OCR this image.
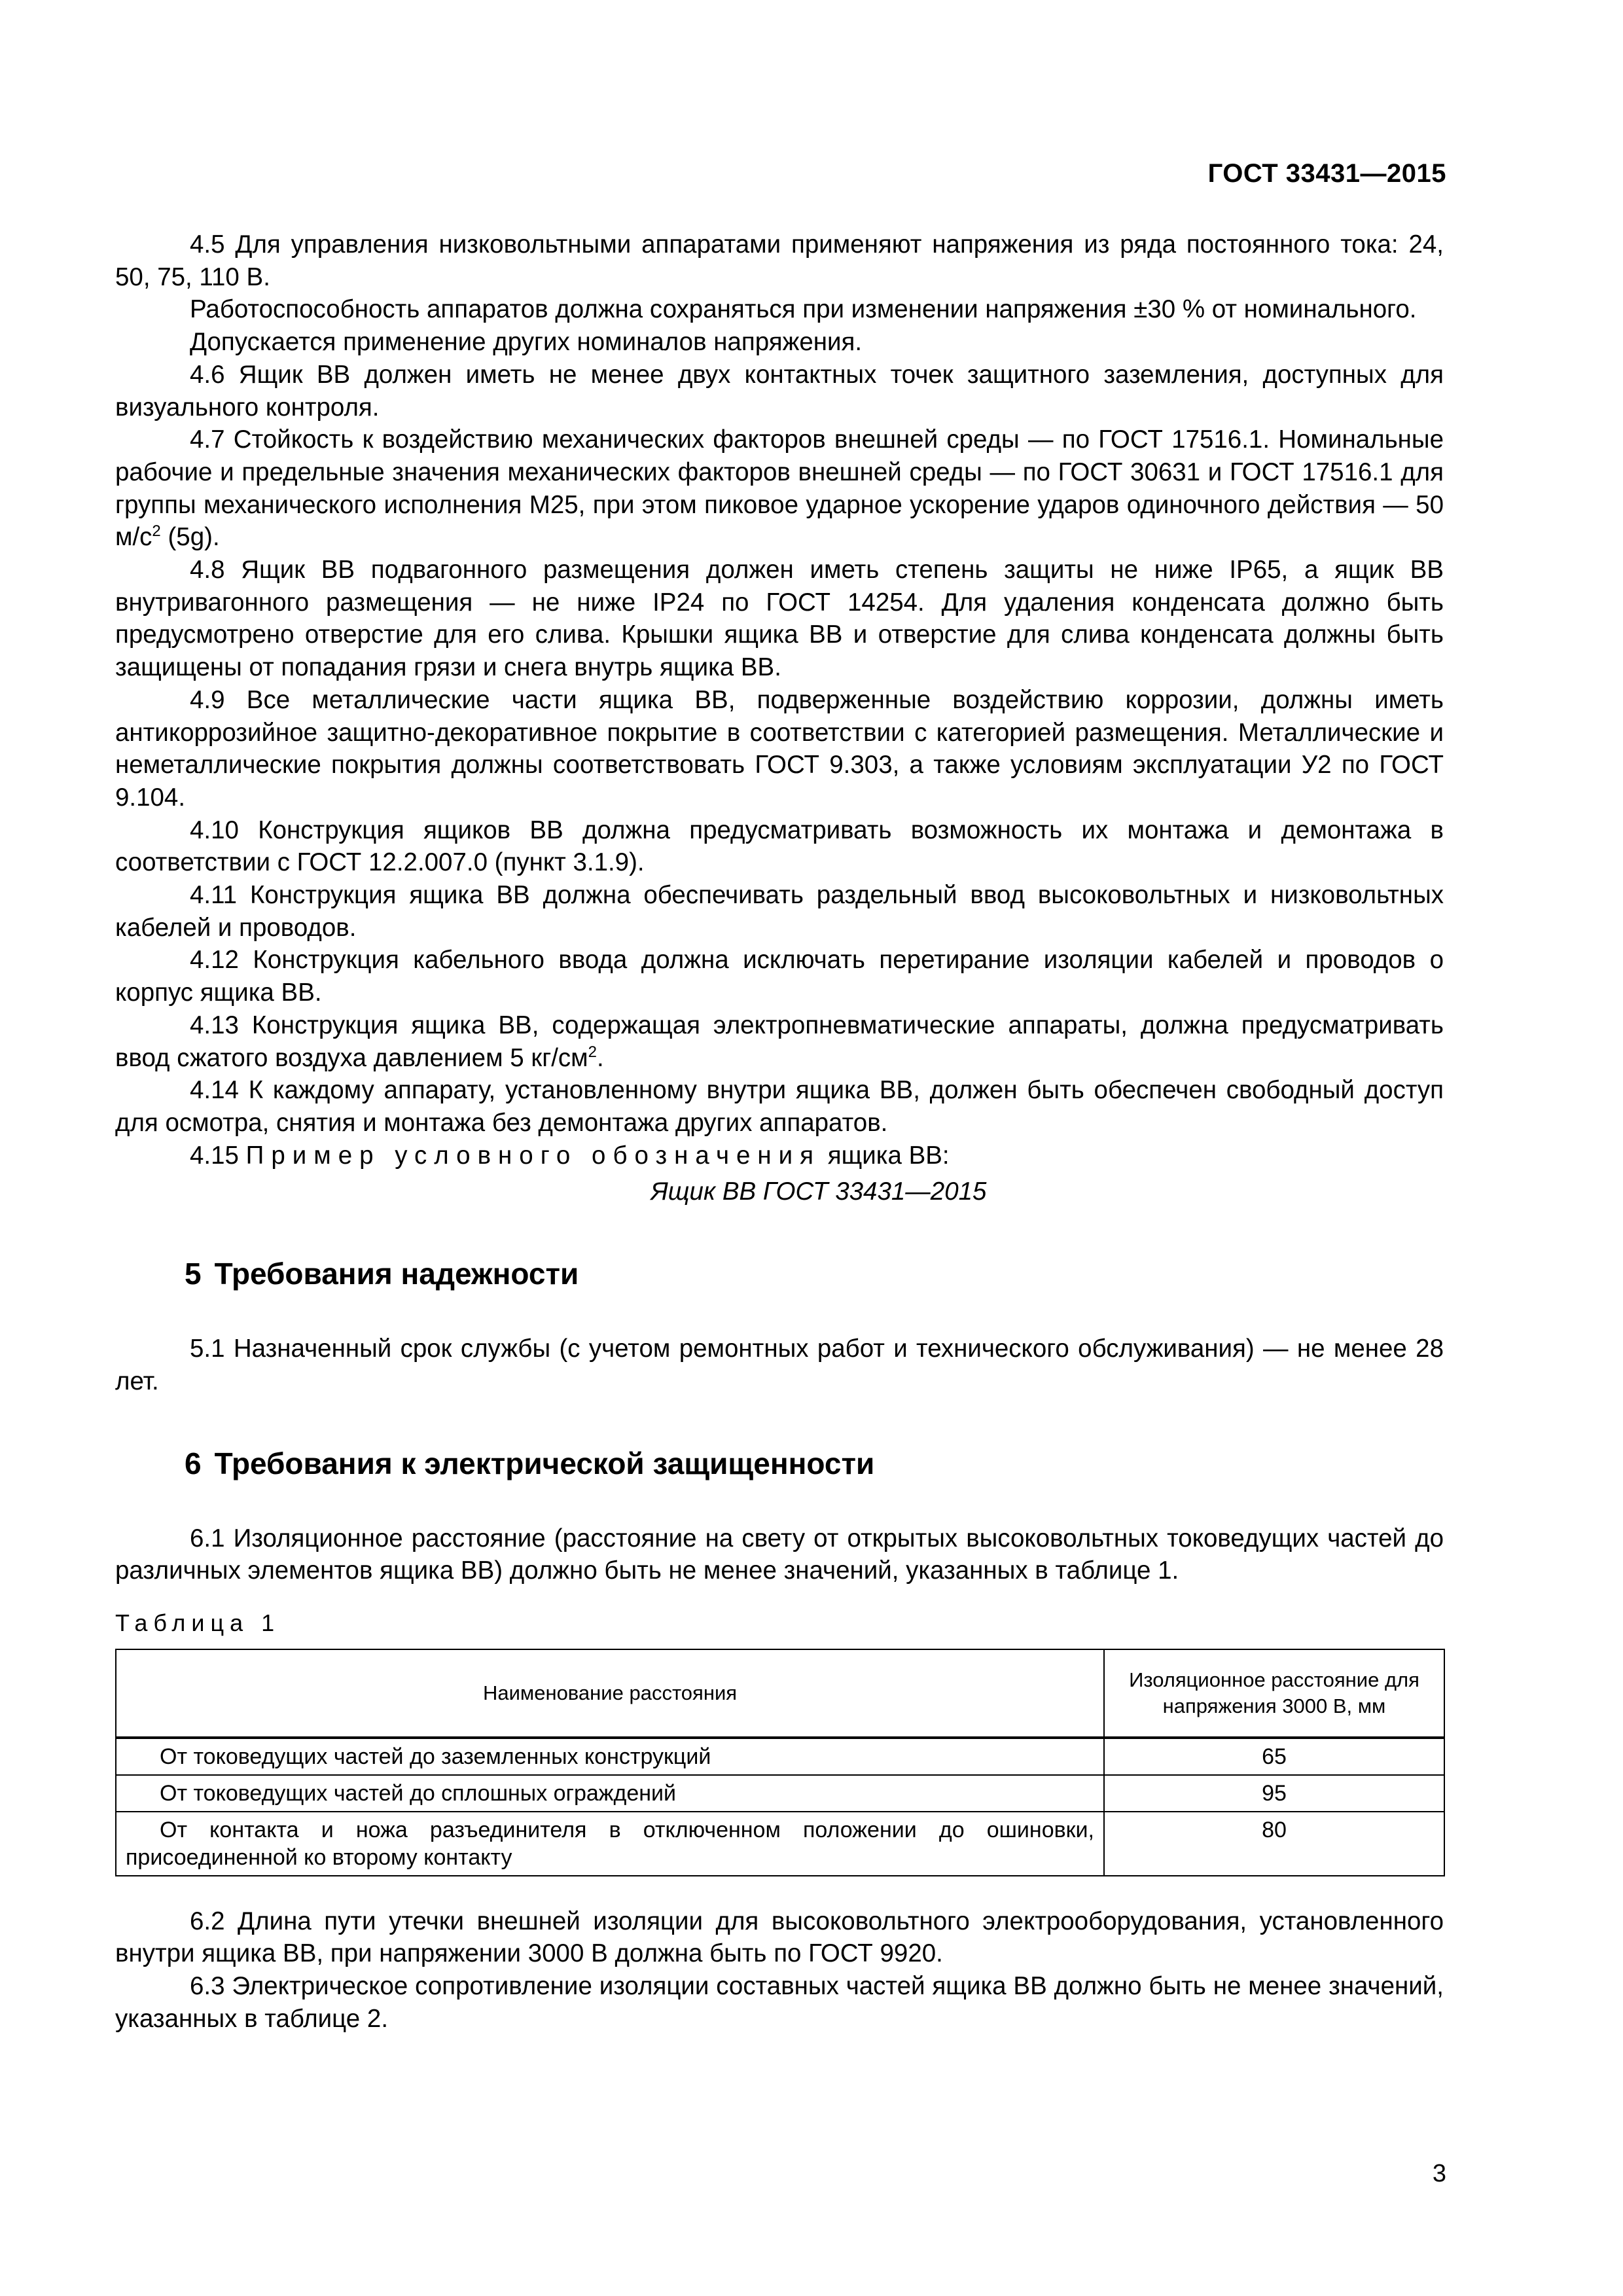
ГОСТ 33431—2015

4.5 Для управления низковольтными аппаратами применяют напряжения из ряда постоянного тока: 24, 50, 75, 110 В.

Работоспособность аппаратов должна сохраняться при изменении напряжения ±30 % от номинального.

Допускается применение других номиналов напряжения.

4.6 Ящик ВВ должен иметь не менее двух контактных точек защитного заземления, доступных для визуального контроля.

4.7 Стойкость к воздействию механических факторов внешней среды — по ГОСТ 17516.1. Номинальные рабочие и предельные значения механических факторов внешней среды — по ГОСТ 30631 и ГОСТ 17516.1 для группы механического исполнения М25, при этом пиковое ударное ускорение ударов одиночного действия — 50 $м/с^2$ (5g).

4.8 Ящик ВВ подвагонного размещения должен иметь степень защиты не ниже IP65, а ящик ВВ внутривагонного размещения — не ниже IP24 по ГОСТ 14254. Для удаления конденсата должно быть предусмотрено отверстие для его слива. Крышки ящика ВВ и отверстие для слива конденсата должны быть защищены от попадания грязи и снега внутрь ящика ВВ.

4.9 Все металлические части ящика ВВ, подверженные воздействию коррозии, должны иметь антикоррозийное защитно-декоративное покрытие в соответствии с категорией размещения. Металлические и неметаллические покрытия должны соответствовать ГОСТ 9.303, а также условиям эксплуатации У2 по ГОСТ 9.104.

4.10 Конструкция ящиков ВВ должна предусматривать возможность их монтажа и демонтажа в соответствии с ГОСТ 12.2.007.0 (пункт 3.1.9).

4.11 Конструкция ящика ВВ должна обеспечивать раздельный ввод высоковольтных и низковольтных кабелей и проводов.

4.12 Конструкция кабельного ввода должна исключать перетирание изоляции кабелей и проводов о корпус ящика ВВ.

4.13 Конструкция ящика ВВ, содержащая электропневматические аппараты, должна предусматривать ввод сжатого воздуха давлением 5 $кг/см^2$.

4.14 К каждому аппарату, установленному внутри ящика ВВ, должен быть обеспечен свободный доступ для осмотра, снятия и монтажа без демонтажа других аппаратов.

4.15 Пример условного обозначения ящика ВВ:

Ящик ВВ ГОСТ 33431—2015

5 Требования надежности

5.1 Назначенный срок службы (с учетом ремонтных работ и технического обслуживания) — не менее 28 лет.

6 Требования к электрической защищенности

6.1 Изоляционное расстояние (расстояние на свету от открытых высоковольтных токоведущих частей до различных элементов ящика ВВ) должно быть не менее значений, указанных в таблице 1.

Таблица 1

Наименование расстояния	Изоляционное расстояние для напряжения 3000 В, мм
От токоведущих частей до заземленных конструкций	65
От токоведущих частей до сплошных ограждений	95
От контакта и ножа разъединителя в отключенном положении до ошиновки, присоединенной ко второму контакту	80

6.2 Длина пути утечки внешней изоляции для высоковольтного электрооборудования, установленного внутри ящика ВВ, при напряжении 3000 В должна быть по ГОСТ 9920.

6.3 Электрическое сопротивление изоляции составных частей ящика ВВ должно быть не менее значений, указанных в таблице 2.

3
